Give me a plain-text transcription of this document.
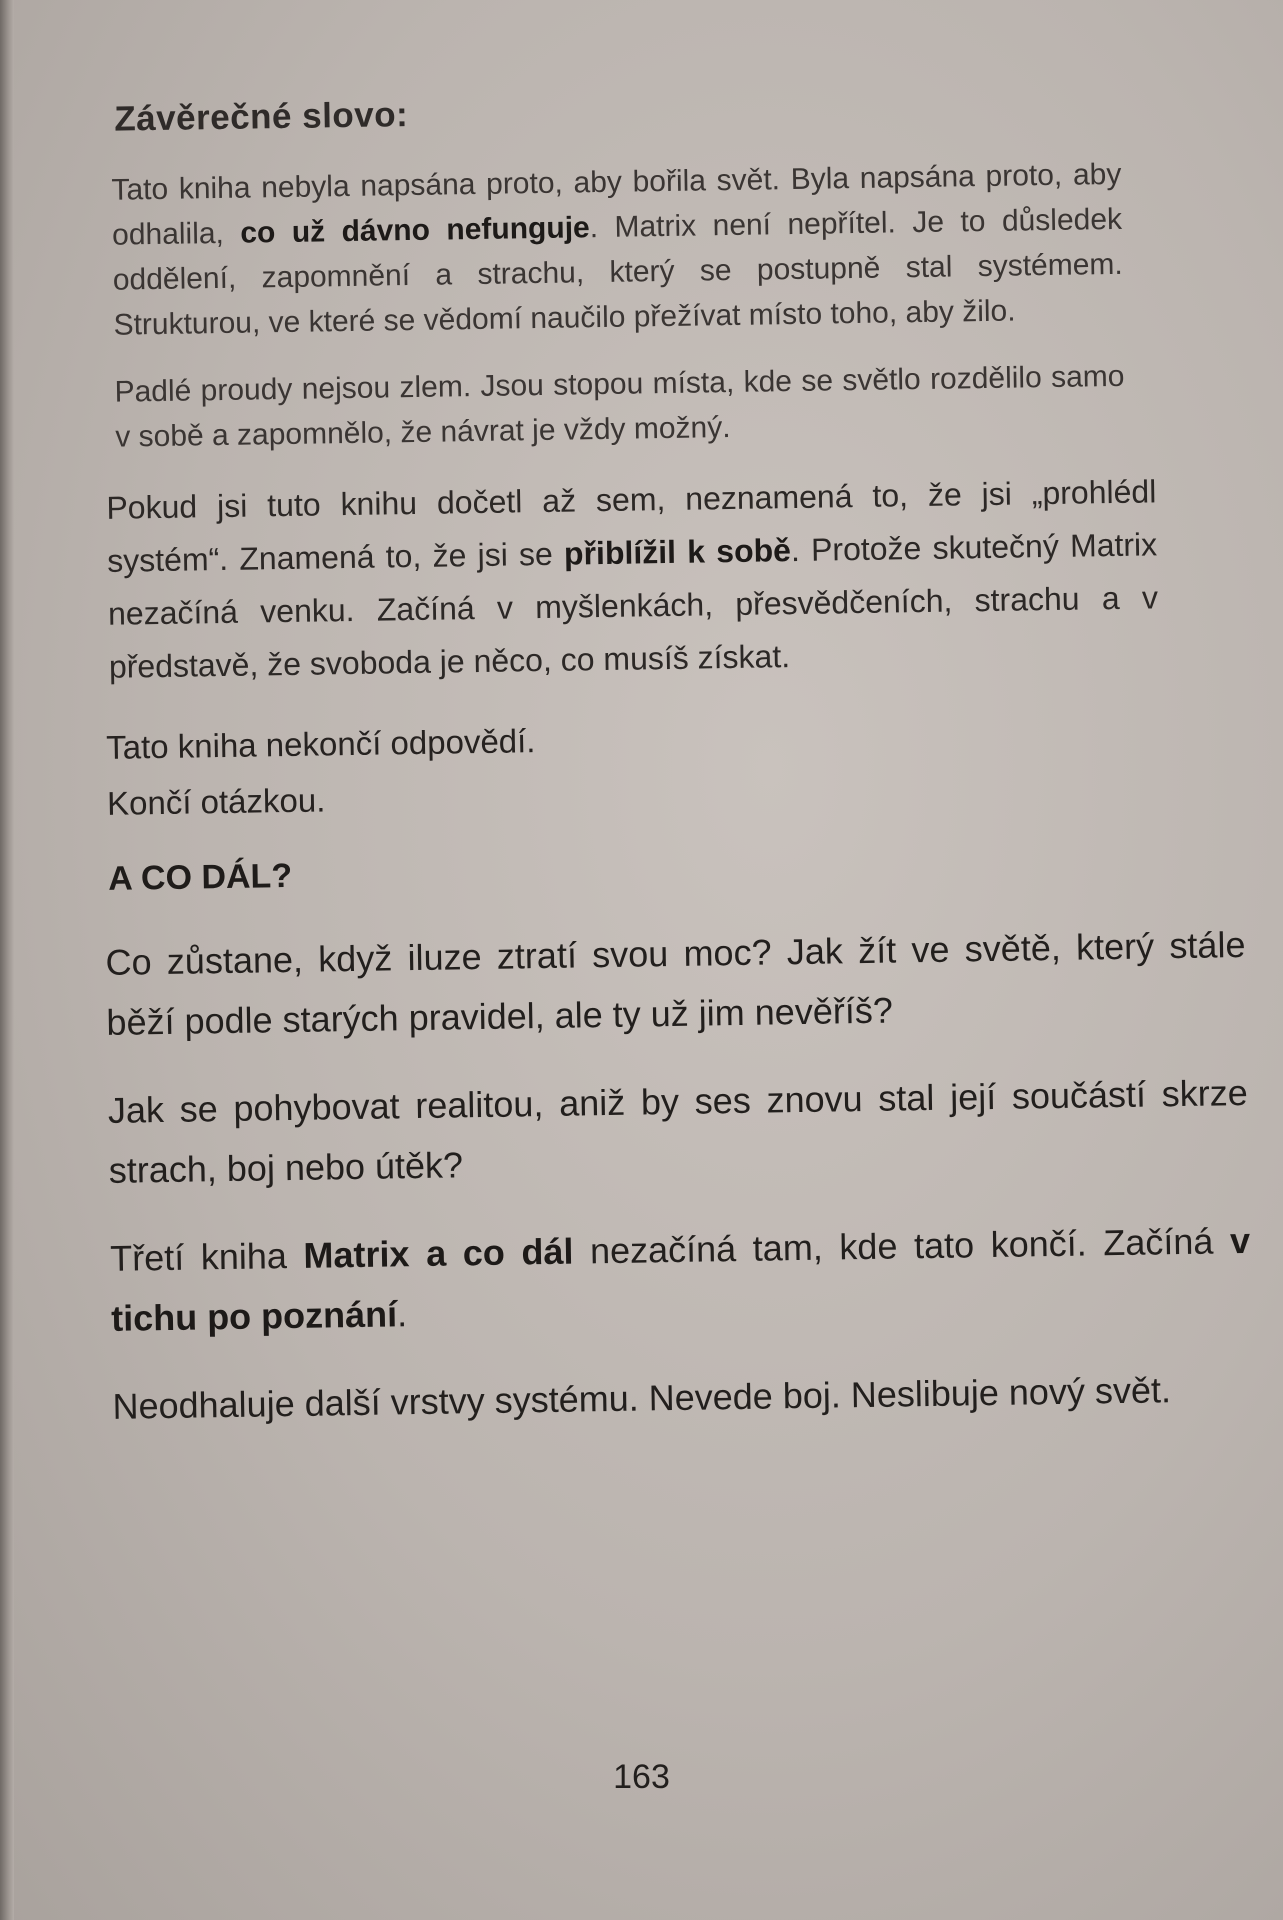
Závěrečné slovo:

Tato kniha nebyla napsána proto, aby bořila svět. Byla napsána proto, aby odhalila, co už dávno nefunguje. Matrix není nepřítel. Je to důsledek oddělení, zapomnění a strachu, který se postupně stal systémem. Strukturou, ve které se vědomí naučilo přežívat místo toho, aby žilo.

Padlé proudy nejsou zlem. Jsou stopou místa, kde se světlo rozdělilo samo v sobě a zapomnělo, že návrat je vždy možný.

Pokud jsi tuto knihu dočetl až sem, neznamená to, že jsi „prohlédl systém“. Znamená to, že jsi se přiblížil k sobě. Protože skutečný Matrix nezačíná venku. Začíná v myšlenkách, přesvědčeních, strachu a v představě, že svoboda je něco, co musíš získat.

Tato kniha nekončí odpovědí.
Končí otázkou.
A CO DÁL?

Co zůstane, když iluze ztratí svou moc? Jak žít ve světě, který stále běží podle starých pravidel, ale ty už jim nevěříš?

Jak se pohybovat realitou, aniž by ses znovu stal její součástí skrze strach, boj nebo útěk?

Třetí kniha Matrix a co dál nezačíná tam, kde tato končí. Začíná v tichu po poznání.

Neodhaluje další vrstvy systému. Nevede boj. Neslibuje nový svět.

163
